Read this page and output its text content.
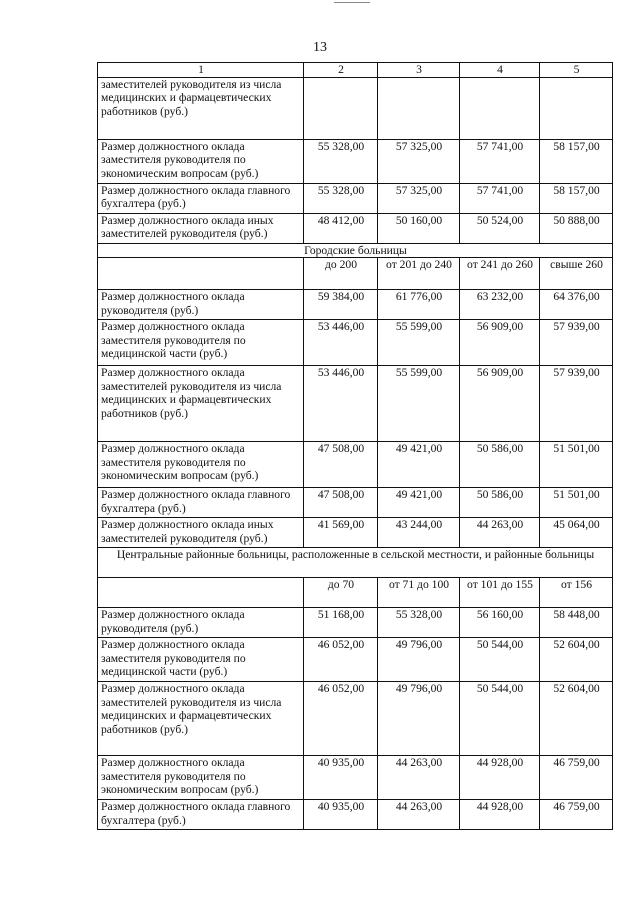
13
1	2	3	4	5
заместителей руководителя из числа медицинских и фармацевтических работников (руб.)				
Размер должностного оклада заместителя руководителя по экономическим вопросам (руб.)	55 328,00	57 325,00	57 741,00	58 157,00
Размер должностного оклада главного бухгалтера (руб.)	55 328,00	57 325,00	57 741,00	58 157,00
Размер должностного оклада иных заместителей руководителя (руб.)	48 412,00	50 160,00	50 524,00	50 888,00
Городские больницы				
	до 200	от 201 до 240	от 241 до 260	свыше 260
Размер должностного оклада руководителя (руб.)	59 384,00	61 776,00	63 232,00	64 376,00
Размер должностного оклада заместителя руководителя по медицинской части (руб.)	53 446,00	55 599,00	56 909,00	57 939,00
Размер должностного оклада заместителей руководителя из числа медицинских и фармацевтических работников (руб.)	53 446,00	55 599,00	56 909,00	57 939,00
Размер должностного оклада заместителя руководителя по экономическим вопросам (руб.)	47 508,00	49 421,00	50 586,00	51 501,00
Размер должностного оклада главного бухгалтера (руб.)	47 508,00	49 421,00	50 586,00	51 501,00
Размер должностного оклада иных заместителей руководителя (руб.)	41 569,00	43 244,00	44 263,00	45 064,00
Центральные районные больницы, расположенные в сельской местности, и районные больницы				
	до 70	от 71 до 100	от 101 до 155	от 156
Размер должностного оклада руководителя (руб.)	51 168,00	55 328,00	56 160,00	58 448,00
Размер должностного оклада заместителя руководителя по медицинской части (руб.)	46 052,00	49 796,00	50 544,00	52 604,00
Размер должностного оклада заместителей руководителя из числа медицинских и фармацевтических работников (руб.)	46 052,00	49 796,00	50 544,00	52 604,00
Размер должностного оклада заместителя руководителя по экономическим вопросам (руб.)	40 935,00	44 263,00	44 928,00	46 759,00
Размер должностного оклада главного бухгалтера (руб.)	40 935,00	44 263,00	44 928,00	46 759,00
